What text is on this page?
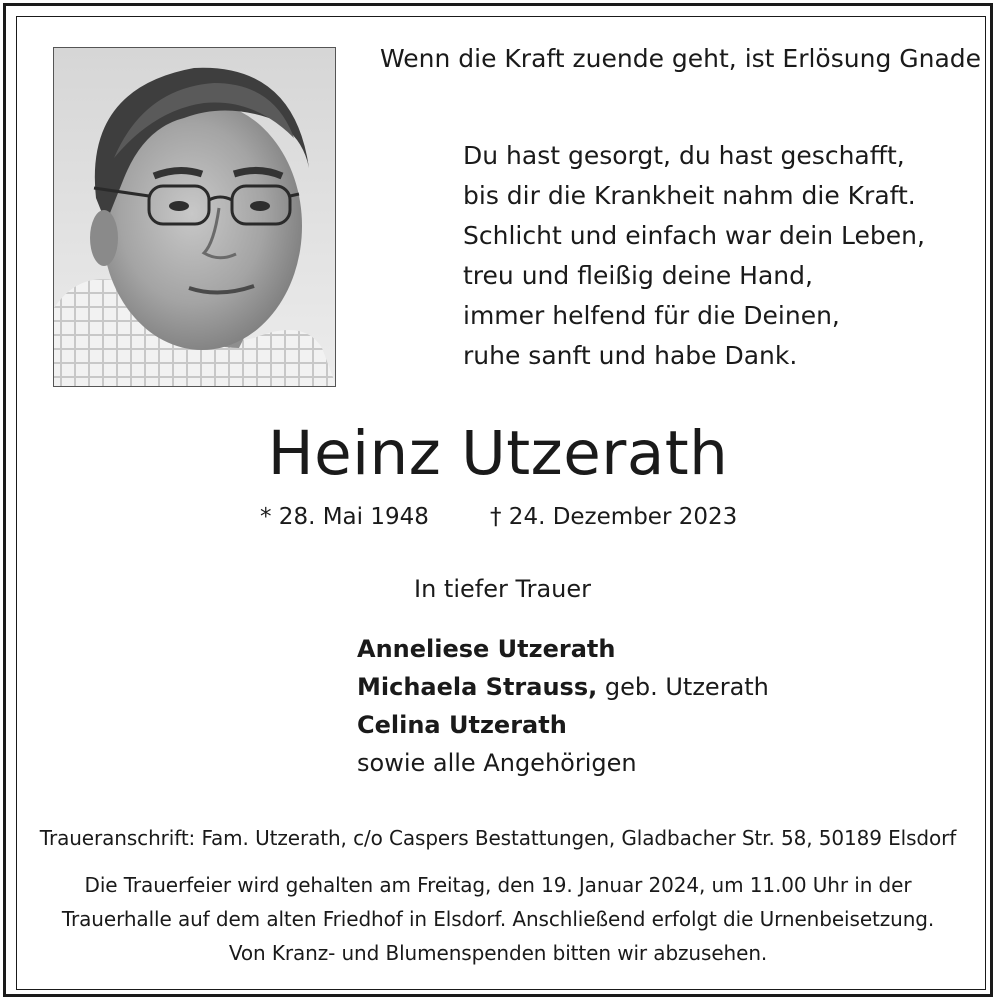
Wenn die Kraft zuende geht, ist Erlösung Gnade
Du hast gesorgt, du hast geschafft,
bis dir die Krankheit nahm die Kraft.
Schlicht und einfach war dein Leben,
treu und fleißig deine Hand,
immer helfend für die Deinen,
ruhe sanft und habe Dank.
Heinz Utzerath
* 28. Mai 1948	† 24. Dezember 2023
In tiefer Trauer
Anneliese Utzerath
Michaela Strauss, geb. Utzerath
Celina Utzerath
sowie alle Angehörigen
Traueranschrift: Fam. Utzerath, c/o Caspers Bestattungen, Gladbacher Str. 58, 50189 Elsdorf
Die Trauerfeier wird gehalten am Freitag, den 19. Januar 2024, um 11.00 Uhr in der
Trauerhalle auf dem alten Friedhof in Elsdorf. Anschließend erfolgt die Urnenbeisetzung.
Von Kranz- und Blumenspenden bitten wir abzusehen.
